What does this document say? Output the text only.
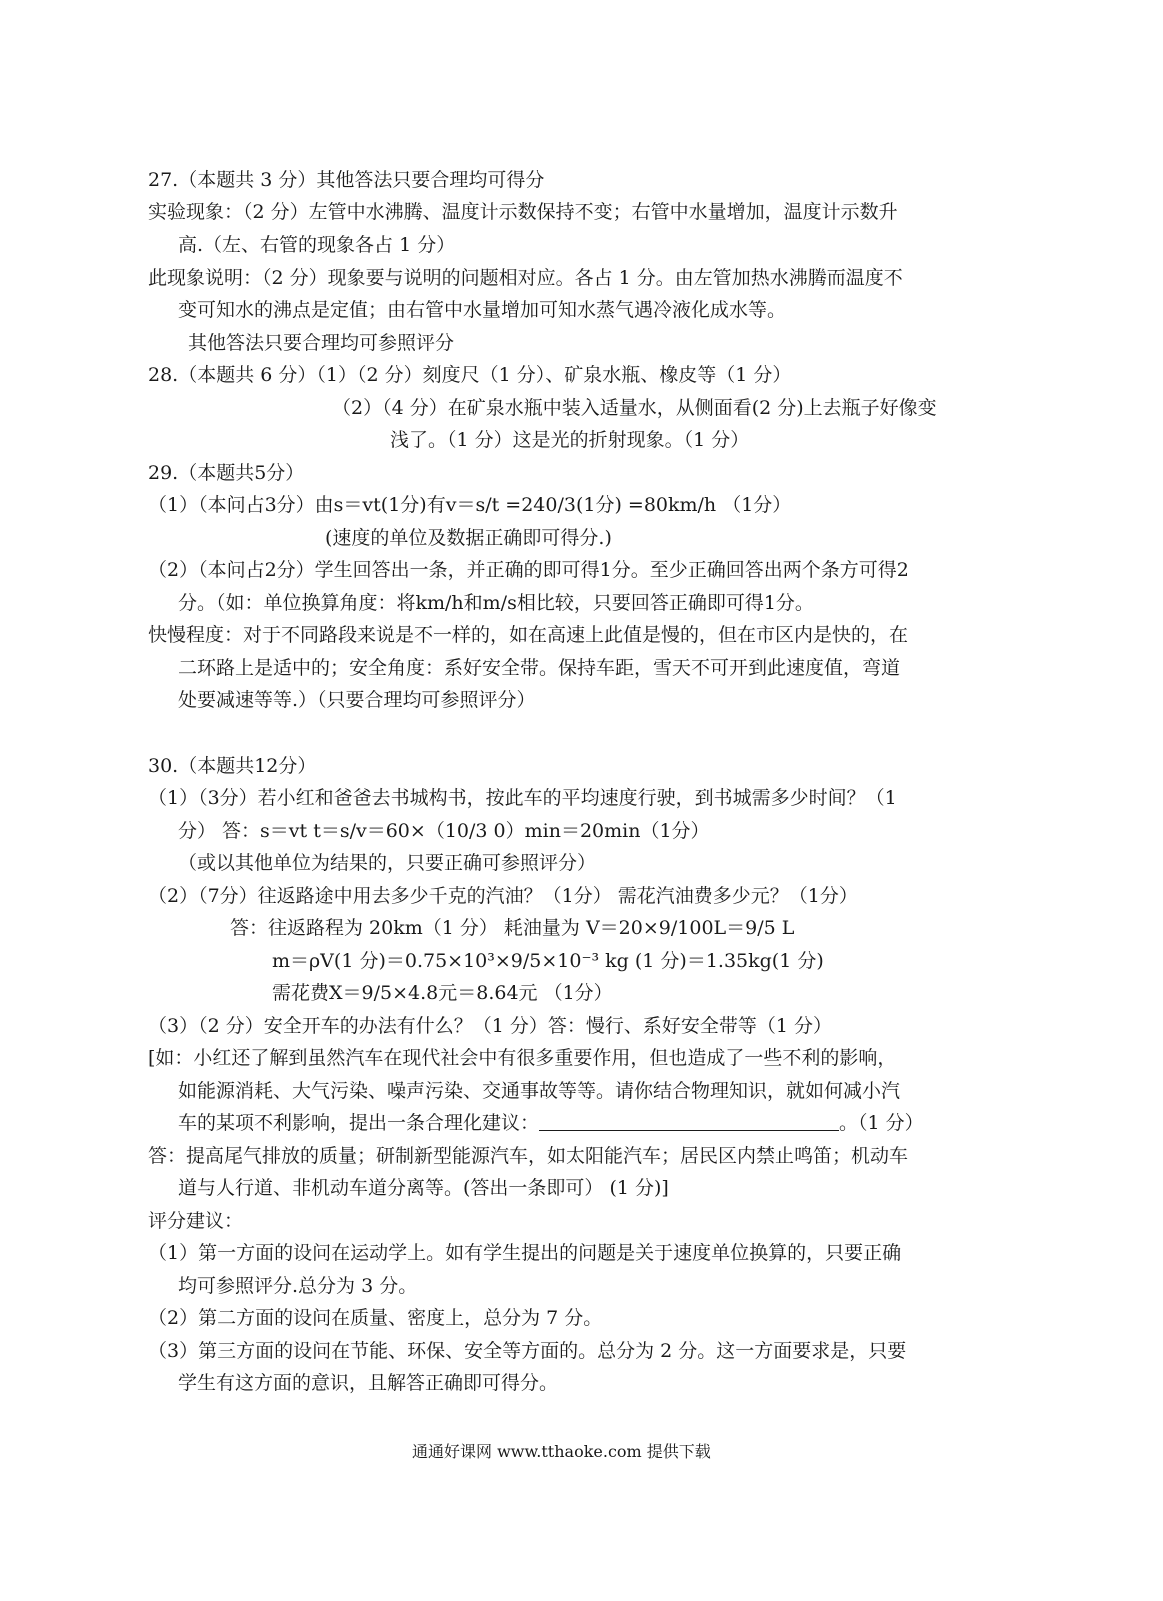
27.（本题共 3 分）其他答法只要合理均可得分
实验现象：（2 分）左管中水沸腾、温度计示数保持不变；右管中水量增加，温度计示数升
高.（左、右管的现象各占 1 分）
此现象说明：（2 分）现象要与说明的问题相对应。各占 1 分。由左管加热水沸腾而温度不
变可知水的沸点是定值；由右管中水量增加可知水蒸气遇冷液化成水等。
其他答法只要合理均可参照评分
28.（本题共 6 分）（1）（2 分）刻度尺（1 分）、矿泉水瓶、橡皮等（1 分）
（2）（4 分）在矿泉水瓶中装入适量水，从侧面看(2 分)上去瓶子好像变
浅了。（1 分）这是光的折射现象。（1 分）
29.（本题共5分）
（1）（本问占3分）由s＝vt(1分)有v＝s/t =240/3(1分) =80km/h （1分）
(速度的单位及数据正确即可得分.)
（2）（本问占2分）学生回答出一条，并正确的即可得1分。至少正确回答出两个条方可得2
分。（如：单位换算角度：将km/h和m/s相比较，只要回答正确即可得1分。
快慢程度：对于不同路段来说是不一样的，如在高速上此值是慢的，但在市区内是快的，在
二环路上是适中的；安全角度：系好安全带。保持车距，雪天不可开到此速度值，弯道
处要减速等等.）（只要合理均可参照评分）
30.（本题共12分）
（1）（3分）若小红和爸爸去书城构书，按此车的平均速度行驶，到书城需多少时间？（1
分） 答：s＝vt t＝s/v＝60×（10/3 0）min＝20min（1分）
（或以其他单位为结果的，只要正确可参照评分）
（2）（7分）往返路途中用去多少千克的汽油？（1分） 需花汽油费多少元？（1分）
答：往返路程为 20km（1 分） 耗油量为 V＝20×9/100L＝9/5 L
m＝ρV(1 分)＝0.75×10³×9/5×10⁻³ kg (1 分)＝1.35kg(1 分)
需花费X＝9/5×4.8元＝8.64元 （1分）
（3）（2 分）安全开车的办法有什么？（1 分）答：慢行、系好安全带等（1 分）
[如：小红还了解到虽然汽车在现代社会中有很多重要作用，但也造成了一些不利的影响，
如能源消耗、大气污染、噪声污染、交通事故等等。请你结合物理知识，就如何减小汽
车的某项不利影响，提出一条合理化建议：	。（1 分）
答：提高尾气排放的质量；研制新型能源汽车，如太阳能汽车；居民区内禁止鸣笛；机动车
道与人行道、非机动车道分离等。(答出一条即可） (1 分)]
评分建议：
（1）第一方面的设问在运动学上。如有学生提出的问题是关于速度单位换算的，只要正确
均可参照评分.总分为 3 分。
（2）第二方面的设问在质量、密度上，总分为 7 分。
（3）第三方面的设问在节能、环保、安全等方面的。总分为 2 分。这一方面要求是，只要
学生有这方面的意识，且解答正确即可得分。
通通好课网 www.tthaoke.com 提供下载
